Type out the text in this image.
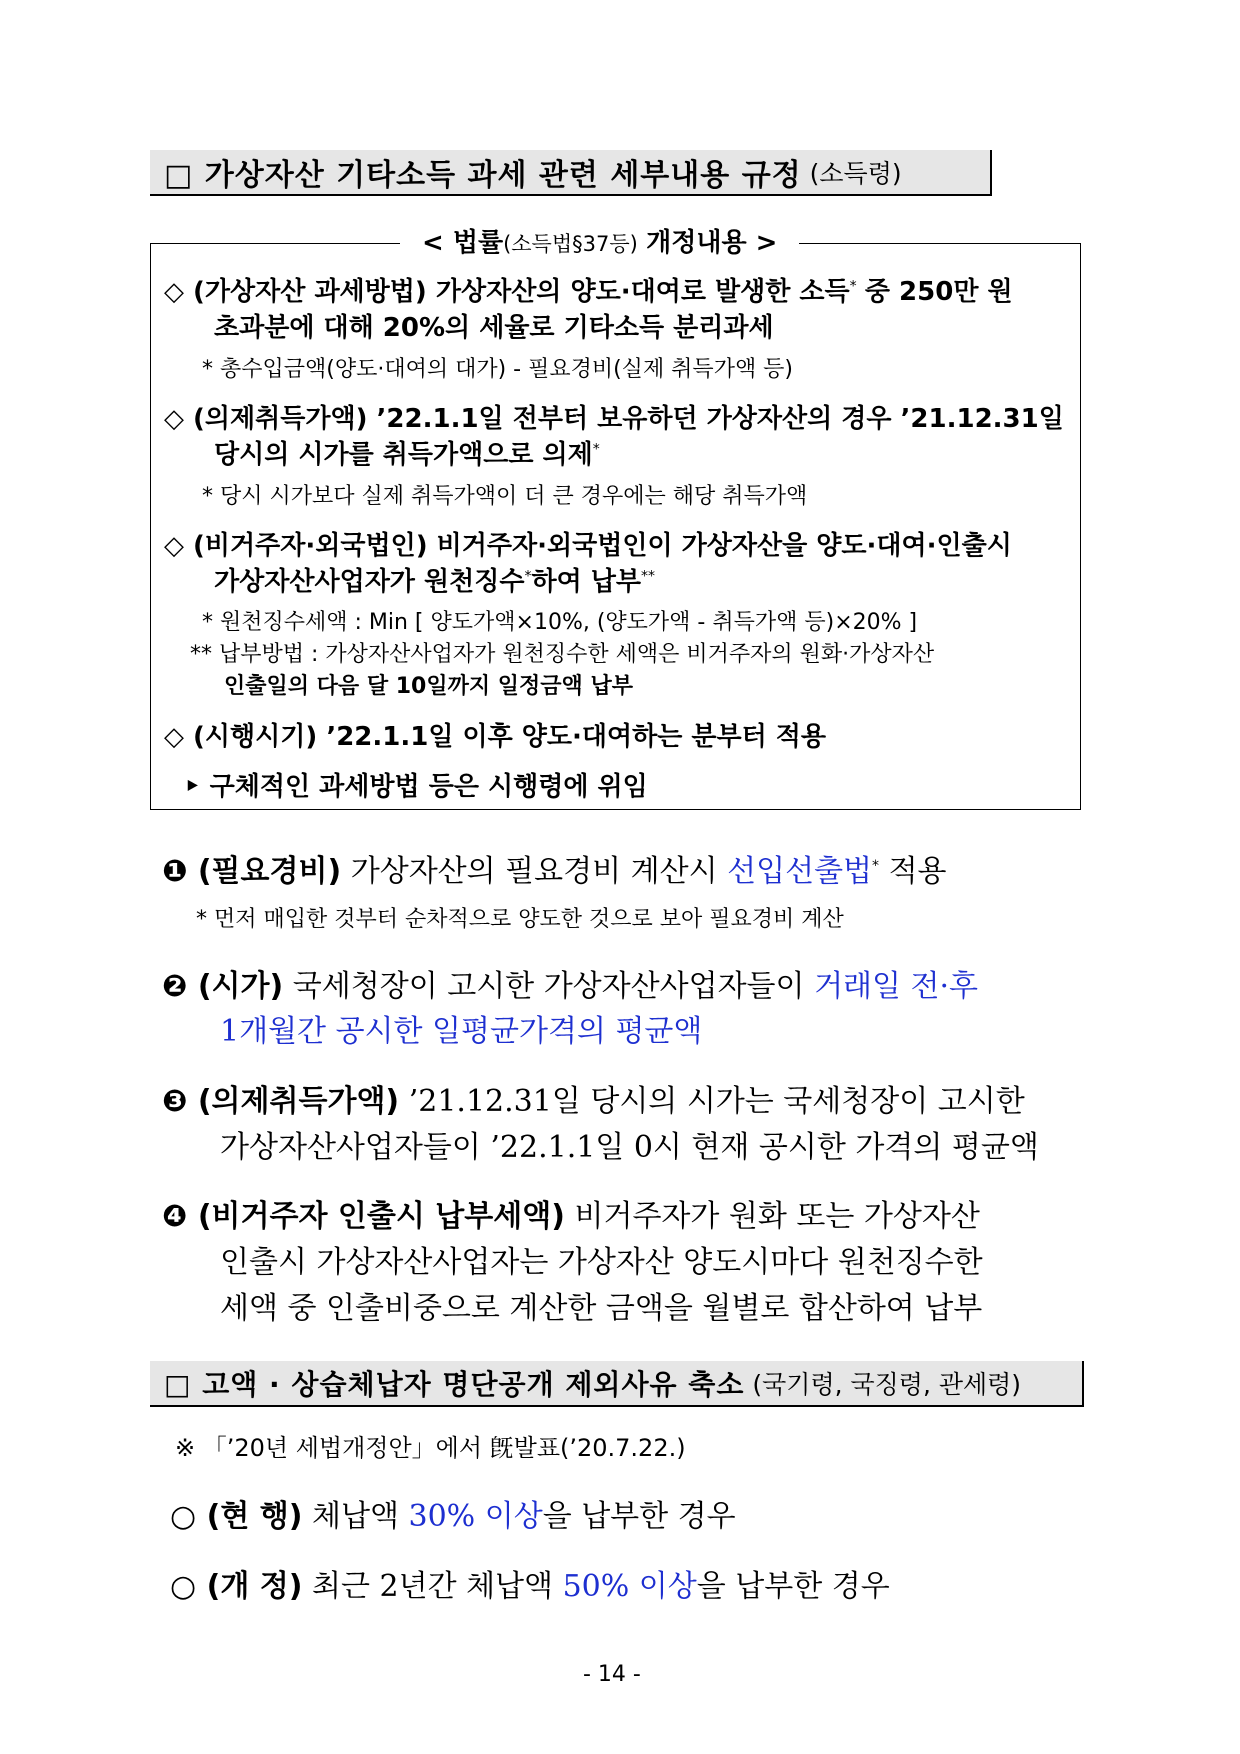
□ 가상자산 기타소득 과세 관련 세부내용 규정 (소득령)
< 법률(소득법§37등) 개정내용 >
◇ (가상자산 과세방법) 가상자산의 양도·대여로 발생한 소득* 중 250만 원
초과분에 대해 20%의 세율로 기타소득 분리과세
* 총수입금액(양도·대여의 대가) - 필요경비(실제 취득가액 등)
◇ (의제취득가액) ’22.1.1일 전부터 보유하던 가상자산의 경우 ’21.12.31일
당시의 시가를 취득가액으로 의제*
* 당시 시가보다 실제 취득가액이 더 큰 경우에는 해당 취득가액
◇ (비거주자·외국법인) 비거주자·외국법인이 가상자산을 양도·대여·인출시
가상자산사업자가 원천징수*하여 납부**
* 원천징수세액 : Min [ 양도가액×10%, (양도가액 - 취득가액 등)×20% ]
** 납부방법 : 가상자산사업자가 원천징수한 세액은 비거주자의 원화·가상자산
인출일의 다음 달 10일까지 일정금액 납부
◇ (시행시기) ’22.1.1일 이후 양도·대여하는 분부터 적용
‣ 구체적인 과세방법 등은 시행령에 위임
❶ (필요경비) 가상자산의 필요경비 계산시 선입선출법* 적용
* 먼저 매입한 것부터 순차적으로 양도한 것으로 보아 필요경비 계산
❷ (시가) 국세청장이 고시한 가상자산사업자들이 거래일 전·후
1개월간 공시한 일평균가격의 평균액
❸ (의제취득가액) ’21.12.31일 당시의 시가는 국세청장이 고시한
가상자산사업자들이 ’22.1.1일 0시 현재 공시한 가격의 평균액
❹ (비거주자 인출시 납부세액) 비거주자가 원화 또는 가상자산
인출시 가상자산사업자는 가상자산 양도시마다 원천징수한
세액 중 인출비중으로 계산한 금액을 월별로 합산하여 납부
□ 고액 · 상습체납자 명단공개 제외사유 축소 (국기령, 국징령, 관세령)
※ 「’20년 세법개정안」에서 旣발표(’20.7.22.)
○ (현 행) 체납액 30% 이상을 납부한 경우
○ (개 정) 최근 2년간 체납액 50% 이상을 납부한 경우
- 14 -
